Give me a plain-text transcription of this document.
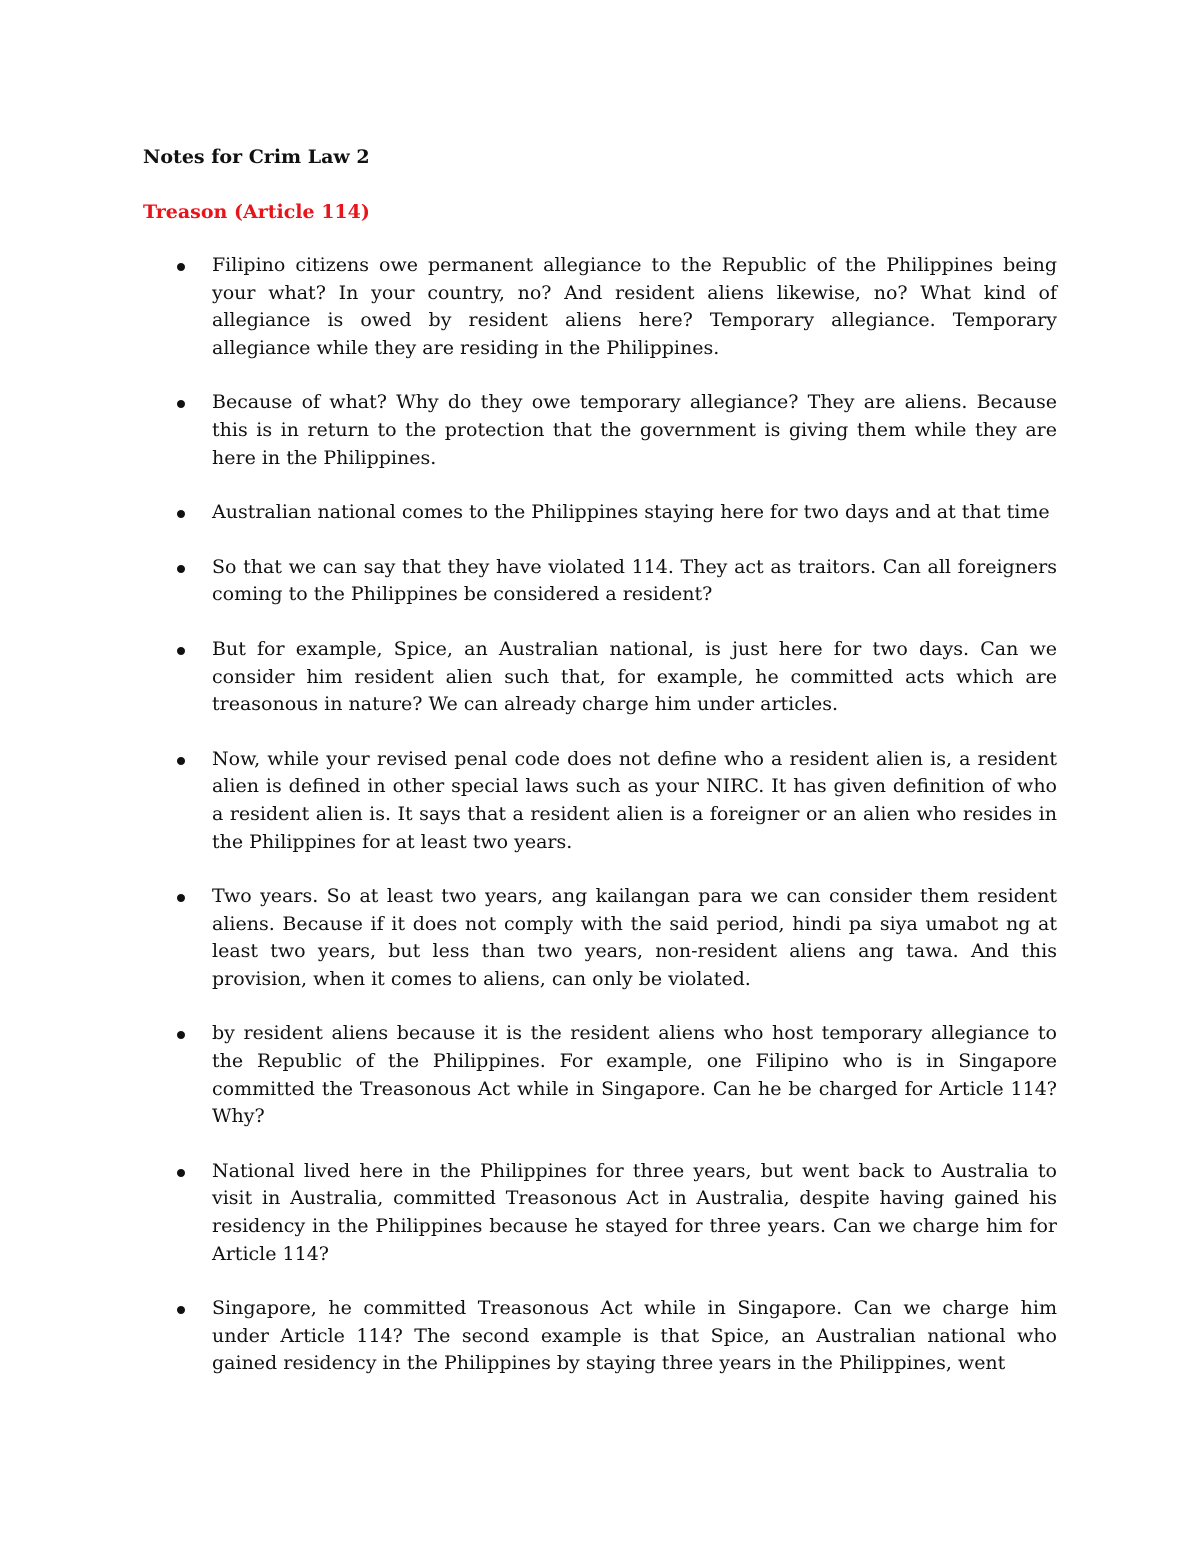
Notes for Crim Law 2
Treason (Article 114)
Filipino citizens owe permanent allegiance to the Republic of the Philippines being your what? In your country, no? And resident aliens likewise, no? What kind of allegiance is owed by resident aliens here? Temporary allegiance. Temporary allegiance while they are residing in the Philippines.
Because of what? Why do they owe temporary allegiance? They are aliens. Because this is in return to the protection that the government is giving them while they are here in the Philippines.
Australian national comes to the Philippines staying here for two days and at that time
So that we can say that they have violated 114. They act as traitors. Can all foreigners coming to the Philippines be considered a resident?
But for example, Spice, an Australian national, is just here for two days. Can we consider him resident alien such that, for example, he committed acts which are treasonous in nature? We can already charge him under articles.
Now, while your revised penal code does not define who a resident alien is, a resident alien is defined in other special laws such as your NIRC. It has given definition of who a resident alien is. It says that a resident alien is a foreigner or an alien who resides in the Philippines for at least two years.
Two years. So at least two years, ang kailangan para we can consider them resident aliens. Because if it does not comply with the said period, hindi pa siya umabot ng at least two years, but less than two years, non-resident aliens ang tawa. And this provision, when it comes to aliens, can only be violated.
by resident aliens because it is the resident aliens who host temporary allegiance to the Republic of the Philippines. For example, one Filipino who is in Singapore committed the Treasonous Act while in Singapore. Can he be charged for Article 114? Why?
National lived here in the Philippines for three years, but went back to Australia to visit in Australia, committed Treasonous Act in Australia, despite having gained his residency in the Philippines because he stayed for three years. Can we charge him for Article 114?
Singapore, he committed Treasonous Act while in Singapore. Can we charge him under Article 114? The second example is that Spice, an Australian national who gained residency in the Philippines by staying three years in the Philippines, went
